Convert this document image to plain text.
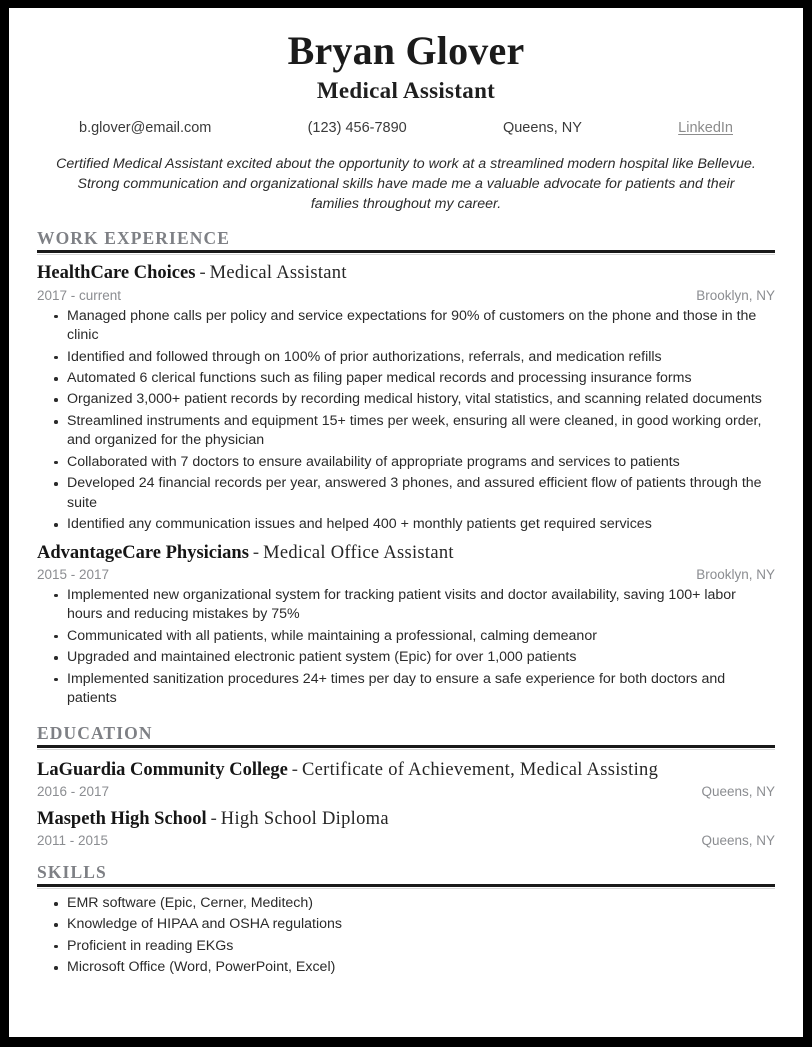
Bryan Glover
Medical Assistant
b.glover@email.com	(123) 456-7890	Queens, NY	LinkedIn

Certified Medical Assistant excited about the opportunity to work at a streamlined modern hospital like Bellevue. Strong communication and organizational skills have made me a valuable advocate for patients and their families throughout my career.

WORK EXPERIENCE
HealthCare Choices - Medical Assistant
2017 - current	Brooklyn, NY
Managed phone calls per policy and service expectations for 90% of customers on the phone and those in the clinic
Identified and followed through on 100% of prior authorizations, referrals, and medication refills
Automated 6 clerical functions such as filing paper medical records and processing insurance forms
Organized 3,000+ patient records by recording medical history, vital statistics, and scanning related documents
Streamlined instruments and equipment 15+ times per week, ensuring all were cleaned, in good working order, and organized for the physician
Collaborated with 7 doctors to ensure availability of appropriate programs and services to patients
Developed 24 financial records per year, answered 3 phones, and assured efficient flow of patients through the suite
Identified any communication issues and helped 400 + monthly patients get required services
AdvantageCare Physicians - Medical Office Assistant
2015 - 2017	Brooklyn, NY
Implemented new organizational system for tracking patient visits and doctor availability, saving 100+ labor hours and reducing mistakes by 75%
Communicated with all patients, while maintaining a professional, calming demeanor
Upgraded and maintained electronic patient system (Epic) for over 1,000 patients
Implemented sanitization procedures 24+ times per day to ensure a safe experience for both doctors and patients
EDUCATION
LaGuardia Community College - Certificate of Achievement, Medical Assisting
2016 - 2017	Queens, NY
Maspeth High School - High School Diploma
2011 - 2015	Queens, NY
SKILLS
EMR software (Epic, Cerner, Meditech)
Knowledge of HIPAA and OSHA regulations
Proficient in reading EKGs
Microsoft Office (Word, PowerPoint, Excel)
